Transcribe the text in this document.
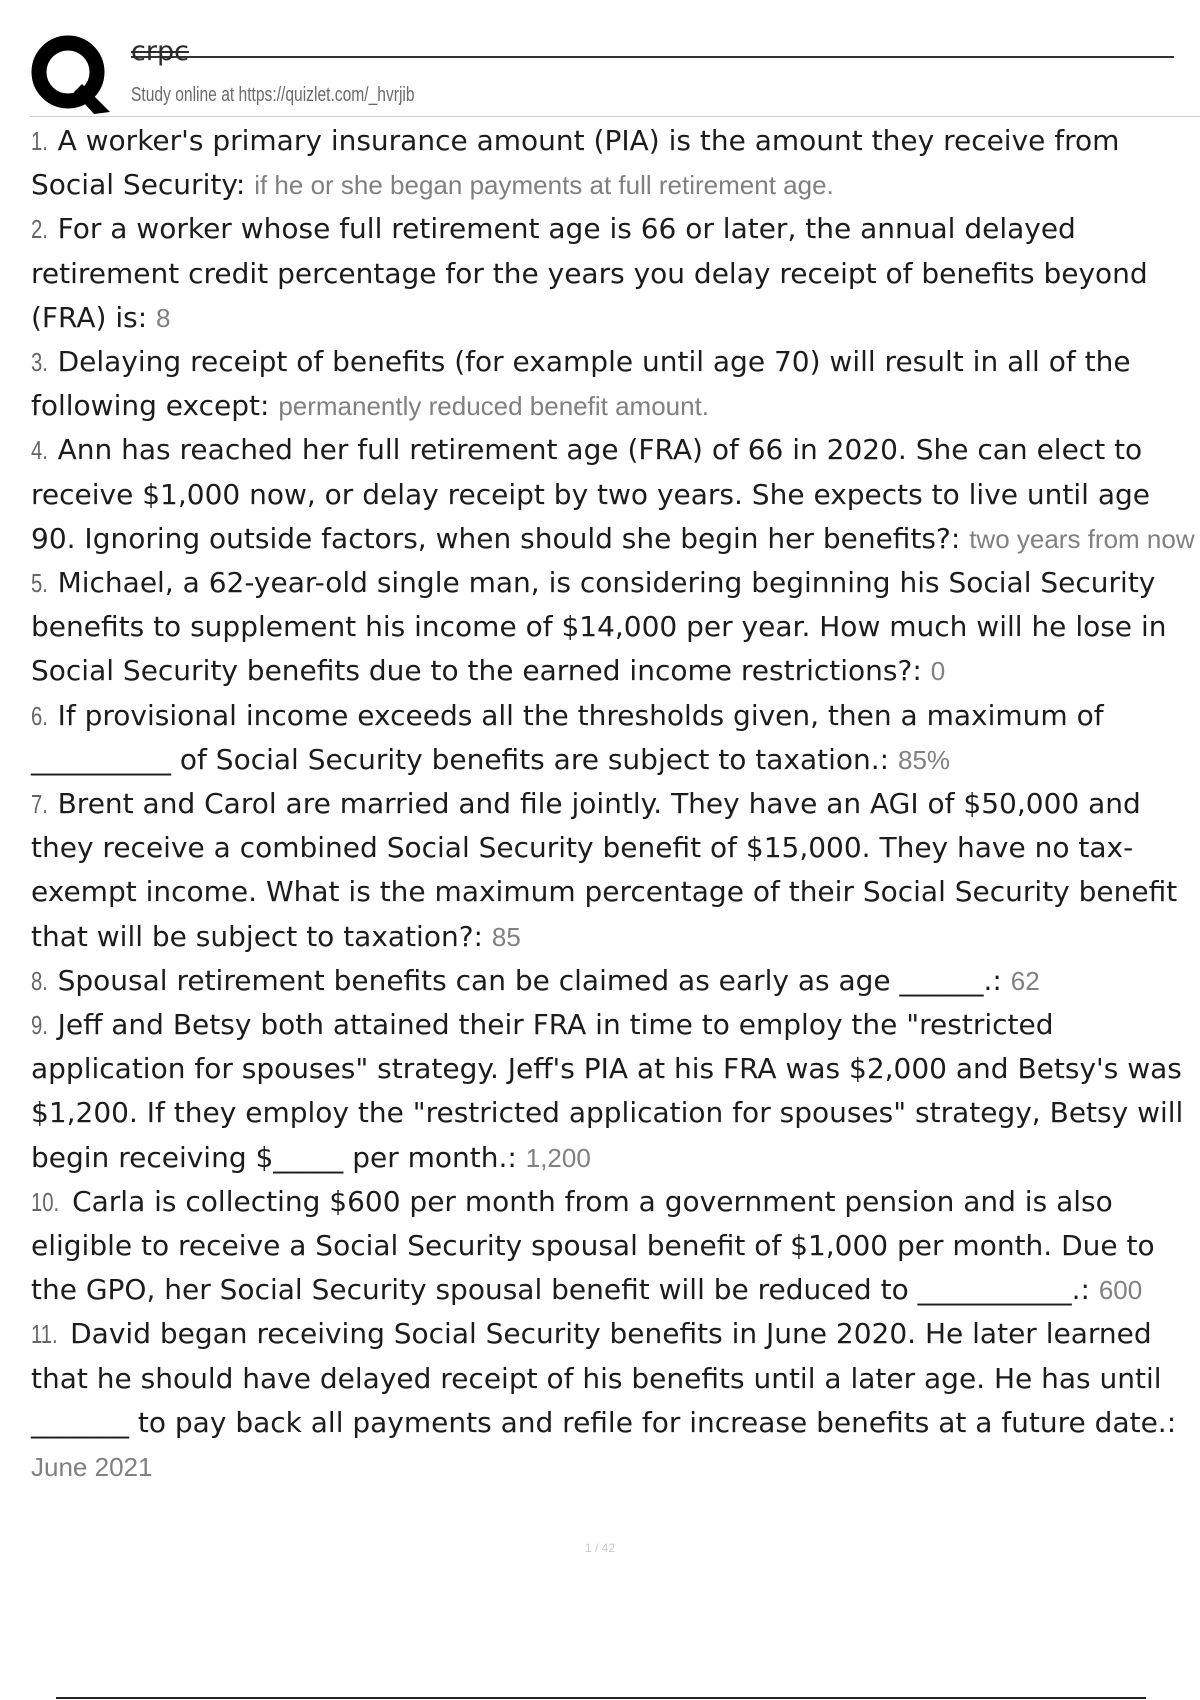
crpc
Study online at https://quizlet.com/_hvrjib

1. A worker's primary insurance amount (PIA) is the amount they receive from Social Security: if he or she began payments at full retirement age.

2. For a worker whose full retirement age is 66 or later, the annual delayed retirement credit percentage for the years you delay receipt of benefits beyond (FRA) is: 8

3. Delaying receipt of benefits (for example until age 70) will result in all of the following except: permanently reduced benefit amount.

4. Ann has reached her full retirement age (FRA) of 66 in 2020. She can elect to receive $1,000 now, or delay receipt by two years. She expects to live until age 90. Ignoring outside factors, when should she begin her benefits?: two years from now

5. Michael, a 62-year-old single man, is considering beginning his Social Security benefits to supplement his income of $14,000 per year. How much will he lose in Social Security benefits due to the earned income restrictions?: 0

6. If provisional income exceeds all the thresholds given, then a maximum of __________ of Social Security benefits are subject to taxation.: 85%

7. Brent and Carol are married and file jointly. They have an AGI of $50,000 and they receive a combined Social Security benefit of $15,000. They have no tax-exempt income. What is the maximum percentage of their Social Security benefit that will be subject to taxation?: 85

8. Spousal retirement benefits can be claimed as early as age ______.: 62

9. Jeff and Betsy both attained their FRA in time to employ the "restricted application for spouses" strategy. Jeff's PIA at his FRA was $2,000 and Betsy's was $1,200. If they employ the "restricted application for spouses" strategy, Betsy will begin receiving $_____ per month.: 1,200

10. Carla is collecting $600 per month from a government pension and is also eligible to receive a Social Security spousal benefit of $1,000 per month. Due to the GPO, her Social Security spousal benefit will be reduced to ___________.: 600

11. David began receiving Social Security benefits in June 2020. He later learned that he should have delayed receipt of his benefits until a later age. He has until _______ to pay back all payments and refile for increase benefits at a future date.: June 2021

1 / 42
